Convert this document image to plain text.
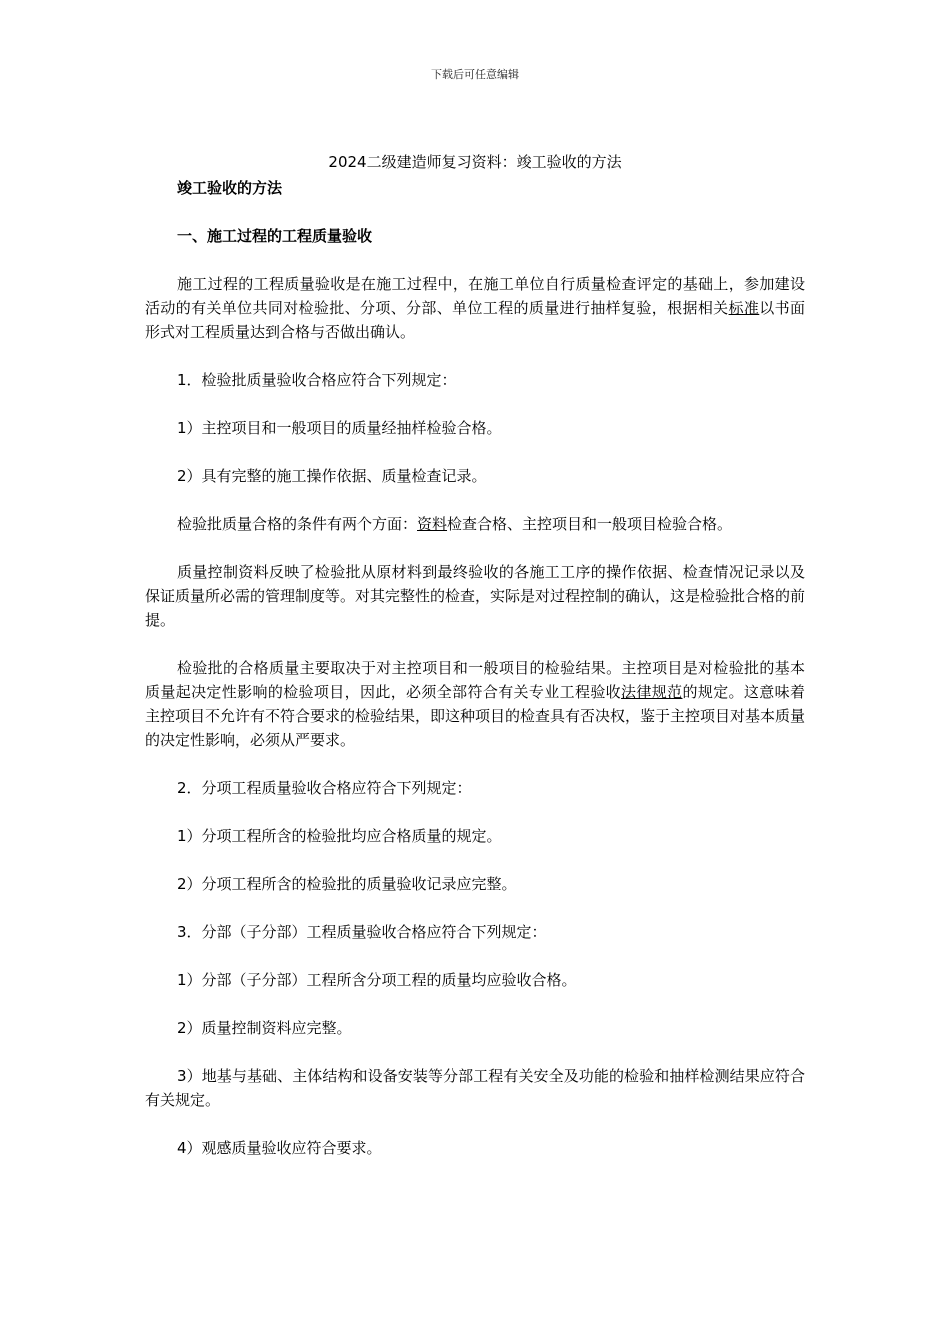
下载后可任意编辑
2024二级建造师复习资料：竣工验收的方法

竣工验收的方法

一、施工过程的工程质量验收

施工过程的工程质量验收是在施工过程中，在施工单位自行质量检查评定的基础上，参加建设活动的有关单位共同对检验批、分项、分部、单位工程的质量进行抽样复验，根据相关标准以书面形式对工程质量达到合格与否做出确认。

1．检验批质量验收合格应符合下列规定：

1）主控项目和一般项目的质量经抽样检验合格。

2）具有完整的施工操作依据、质量检查记录。

检验批质量合格的条件有两个方面：资料检查合格、主控项目和一般项目检验合格。

质量控制资料反映了检验批从原材料到最终验收的各施工工序的操作依据、检查情况记录以及保证质量所必需的管理制度等。对其完整性的检查，实际是对过程控制的确认，这是检验批合格的前提。

检验批的合格质量主要取决于对主控项目和一般项目的检验结果。主控项目是对检验批的基本质量起决定性影响的检验项目，因此，必须全部符合有关专业工程验收法律规范的规定。这意味着主控项目不允许有不符合要求的检验结果，即这种项目的检查具有否决权，鉴于主控项目对基本质量的决定性影响，必须从严要求。

2．分项工程质量验收合格应符合下列规定：

1）分项工程所含的检验批均应合格质量的规定。

2）分项工程所含的检验批的质量验收记录应完整。

3．分部（子分部）工程质量验收合格应符合下列规定：

1）分部（子分部）工程所含分项工程的质量均应验收合格。

2）质量控制资料应完整。

3）地基与基础、主体结构和设备安装等分部工程有关安全及功能的检验和抽样检测结果应符合有关规定。

4）观感质量验收应符合要求。
